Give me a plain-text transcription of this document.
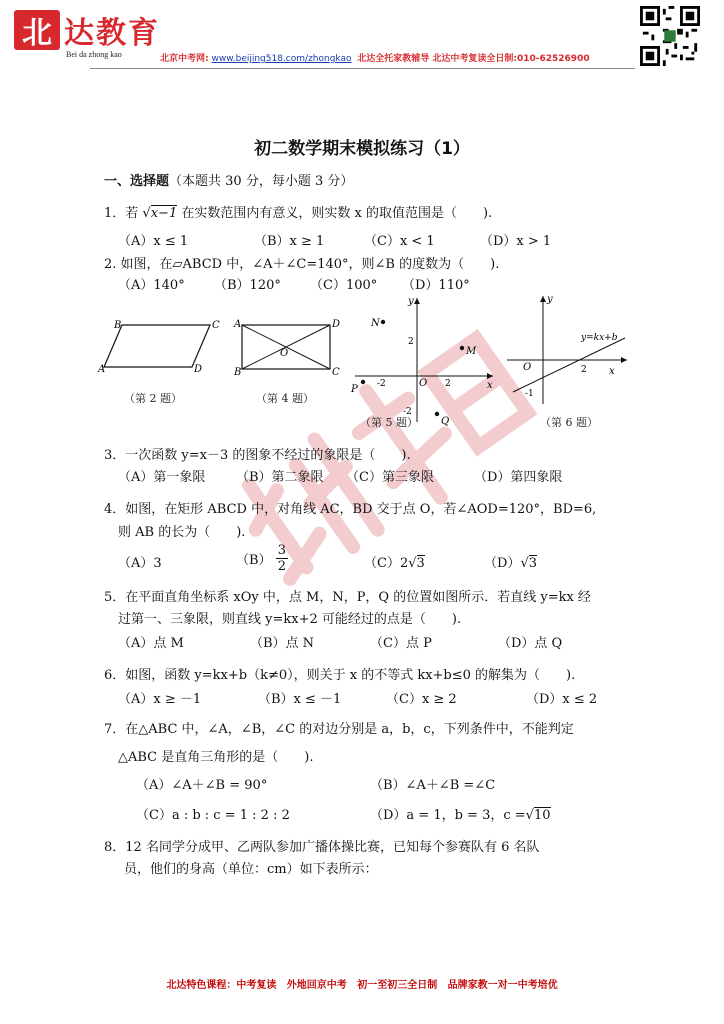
北 达教育
Bei da zhong kao	北京中考网: www.beijing518.com/zhongkao 北达全托家教辅导 北达中考复读全日制:010-62526900
初二数学期末模拟练习（1）
一、选择题（本题共 30 分，每小题 3 分）
1．若 √x−1 在实数范围内有意义，则实数 x 的取值范围是（　　).
（A）x ≤ 1	（B）x ≥ 1	（C）x < 1	（D）x > 1
2. 如图，在▱ABCD 中，∠A＋∠C=140°，则∠B 的度数为（　　).
（A）140° （B）120° （C）100° （D）110°
B	C
A	D
（第 2 题）
A	D
B	C
O
（第 4 题）
y
x
N
M
P
Q
O
2
-2
2
-2
（第 5 题）
y
x
y=kx+b
O	2
-1
（第 6 题）
3．一次函数 y=x－3 的图象不经过的象限是（　　).
（A）第一象限 （B）第二象限 （C）第三象限	（D）第四象限
4．如图，在矩形 ABCD 中，对角线 AC，BD 交于点 O，若∠AOD=120°，BD=6,
则 AB 的长为（　　).
（A）3	$(B) \frac{3}{2}$	（C）2√3	（D）√3
5．在平面直角坐标系 xOy 中，点 M，N，P，Q 的位置如图所示．若直线 y=kx 经
过第一、三象限，则直线 y=kx+2 可能经过的点是（　　).
（A）点 M	（B）点 N	（C）点 P	（D）点 Q
6．如图，函数 y=kx+b（k≠0），则关于 x 的不等式 kx+b≤0 的解集为（　　).
（A）x ≥ －1	（B）x ≤ －1	（C）x ≥ 2	（D）x ≤ 2
7．在△ABC 中，∠A，∠B，∠C 的对边分别是 a，b，c，下列条件中，不能判定
△ABC 是直角三角形的是（　　).
（A）∠A＋∠B = 90°	（B）∠A＋∠B =∠C
（C）a : b : c = 1 : 2 : 2	（D）a = 1，b = 3，c =√10
8．12 名同学分成甲、乙两队参加广播体操比赛，已知每个参赛队有 6 名队
员，他们的身高（单位：cm）如下表所示：
北达特色课程：中考复读   外地回京中考   初一至初三全日制   品牌家教一对一中考培优
